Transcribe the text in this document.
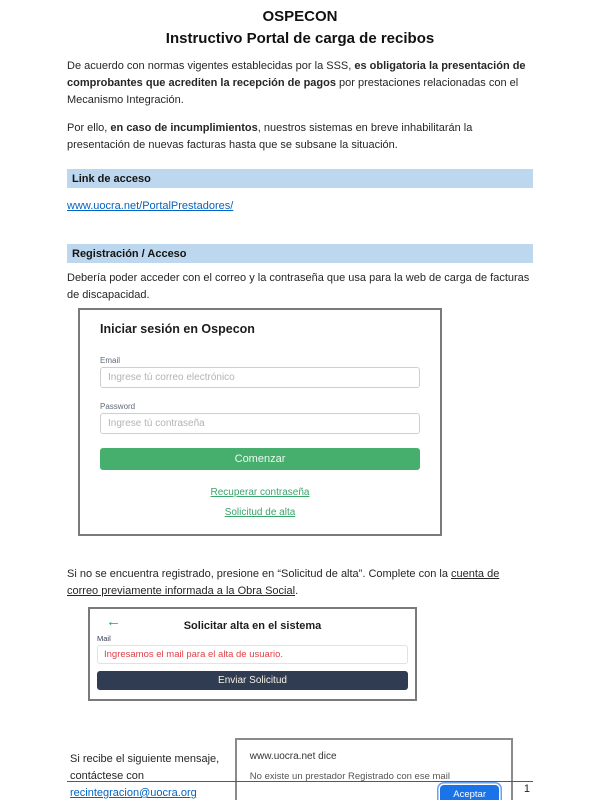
OSPECON
Instructivo Portal de carga de recibos

De acuerdo con normas vigentes establecidas por la SSS, es obligatoria la presentación de comprobantes que acrediten la recepción de pagos por prestaciones relacionadas con el Mecanismo Integración.

Por ello, en caso de incumplimientos, nuestros sistemas en breve inhabilitarán la presentación de nuevas facturas hasta que se subsane la situación.

Link de acceso
www.uocra.net/PortalPrestadores/
Registración / Acceso

Debería poder acceder con el correo y la contraseña que usa para la web de carga de facturas de discapacidad.

Iniciar sesión en Ospecon
Email
Ingrese tú correo electrónico
Password
Ingrese tú contraseña
Comenzar
Recuperar contraseña
Solicitud de alta

Si no se encuentra registrado, presione en “Solicitud de alta”. Complete con la cuenta de correo previamente informada a la Obra Social.

←	Solicitar alta en el sistema
Mail
Ingresamos el mail para el alta de usuario.
Enviar Solicitud
Si recibe el siguiente mensaje,
contáctese con
recintegracion@uocra.org
www.uocra.net dice
No existe un prestador Registrado con ese mail
Aceptar	1
